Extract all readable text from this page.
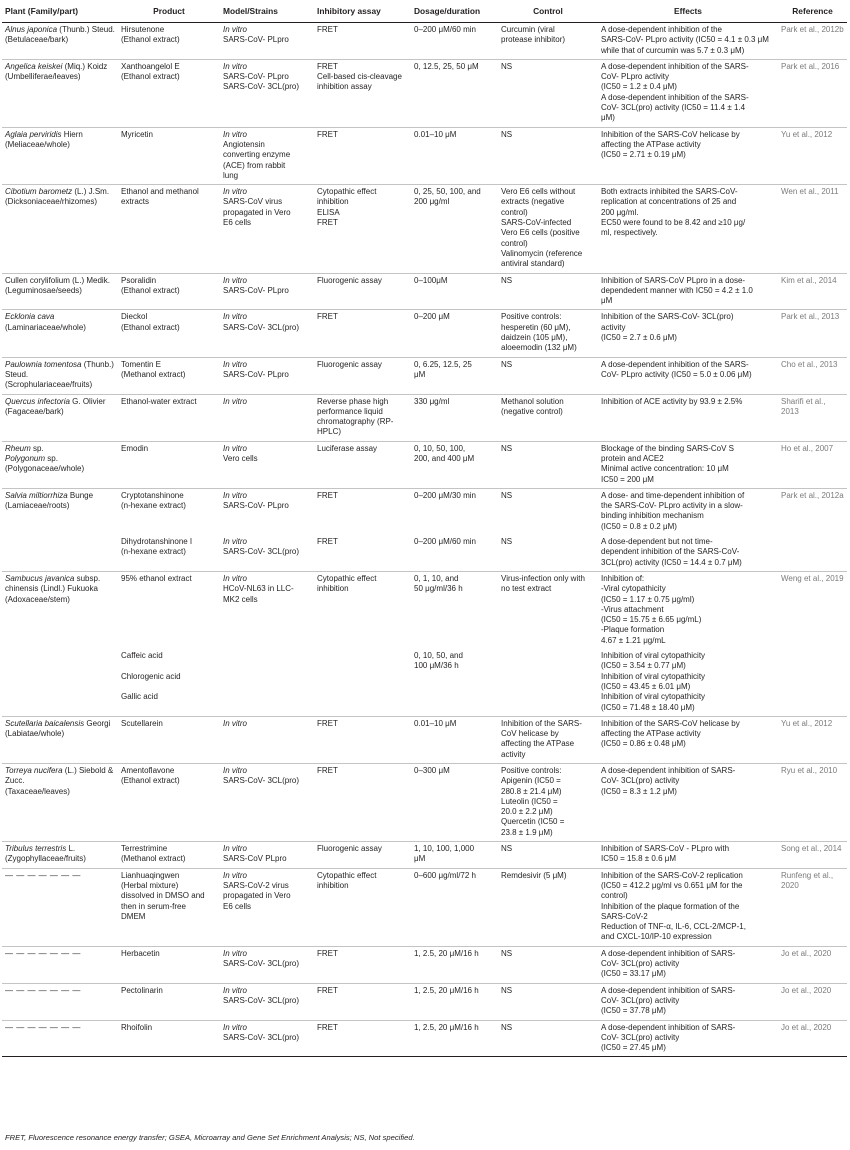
Plant (Family/part)	Product	Model/Strains	Inhibitory assay	Dosage/duration	Control	Effects	Reference

Alnus japonica (Thunb.) Steud.
(Betulaceae/bark)

Hirsutenone
(Ethanol extract)

In vitro
SARS-CoV- PLpro

FRET	0–200 μM/60 min	Curcumin (viral
protease inhibitor)

A dose-dependent inhibition of the
SARS-CoV- PLpro activity (IC50 = 4.1 ± 0.3 μM
while that of curcumin was 5.7 ± 0.3 μM)
	Park et al., 2012b

Angelica keiskei (Miq.) Koidz
(Umbelliferae/leaves)

Xanthoangelol E
(Ethanol extract)

In vitro
SARS-CoV- PLpro
SARS-CoV- 3CL(pro)

FRET
Cell-based cis-cleavage
inhibition assay

0, 12.5, 25, 50 μM	NS	A dose-dependent inhibition of the SARS-
CoV- PLpro activity
(IC50 = 1.2 ± 0.4 μM)
A dose-dependent inhibition of the SARS-
CoV- 3CL(pro) activity (IC50 = 11.4 ± 1.4
μM)
	Park et al., 2016

Aglaia perviridis Hiern
(Meliaceae/whole)

Myricetin	In vitro
Angiotensin
converting enzyme
(ACE) from rabbit
lung

FRET	0.01–10 μM	NS	Inhibition of the SARS-CoV helicase by
affecting the ATPase activity
(IC50 = 2.71 ± 0.19 μM)
	Yu et al., 2012

Cibotium barometz (L.) J.Sm.
(Dicksoniaceae/rhizomes)

Ethanol and methanol
extracts

In vitro
SARS-CoV virus
propagated in Vero
E6 cells

Cytopathic effect
inhibition
ELISA
FRET

0, 25, 50, 100, and
200 μg/ml

Vero E6 cells without
extracts (negative
control)
SARS-CoV-infected
Vero E6 cells (positive
control)
Valinomycin (reference
antiviral standard)

Both extracts inhibited the SARS-CoV-
replication at concentrations of 25 and
200 μg/ml.
EC50 were found to be 8.42 and ≥10 μg/
ml, respectively.
	Wen et al., 2011

Cullen corylifolium (L.) Medik.
(Leguminosae/seeds)

Psoralidin
(Ethanol extract)

In vitro
SARS-CoV- PLpro

Fluorogenic assay	0–100μM	NS	Inhibition of SARS-CoV PLpro in a dose-
dependedent manner with IC50 = 4.2 ± 1.0
μM
	Kim et al., 2014

Ecklonia cava
(Laminariaceae/whole)

Dieckol
(Ethanol extract)

In vitro
SARS-CoV- 3CL(pro)

FRET	0–200 μM	Positive controls:
hesperetin (60 μM),
daidzein (105 μM),
aloeemodin (132 μM)

Inhibition of the SARS-CoV- 3CL(pro)
activity
(IC50 = 2.7 ± 0.6 μM)
	Park et al., 2013

Paulownia tomentosa (Thunb.) Steud.
(Scrophulariaceae/fruits)

Tomentin E
(Methanol extract)

In vitro
SARS-CoV- PLpro

Fluorogenic assay	0, 6.25, 12.5, 25
μM

NS	A dose-dependent inhibition of the SARS-
CoV- PLpro activity (IC50 = 5.0 ± 0.06 μM)
	Cho et al., 2013

Quercus infectoria G. Olivier
(Fagaceae/bark)

Ethanol-water extract	In vitro	Reverse phase high
performance liquid
chromatography (RP-
HPLC)

330 μg/ml	Methanol solution
(negative control)

Inhibition of ACE activity by 93.9 ± 2.5%	Sharifi et al., 2013

Rheum sp.
Polygonum sp.
(Polygonaceae/whole)

Emodin	In vitro
Vero cells

Luciferase assay	0, 10, 50, 100,
200, and 400 μM

NS	Blockage of the binding SARS-CoV S
protein and ACE2
Minimal active concentration: 10 μM
IC50 = 200 μM
	Ho et al., 2007

Salvia miltiorrhiza Bunge
(Lamiaceae/roots)

Cryptotanshinone
(n-hexane extract)

In vitro
SARS-CoV- PLpro

FRET	0–200 μM/30 min	NS	A dose- and time-dependent inhibition of
the SARS-CoV- PLpro activity in a slow-
binding inhibition mechanism
(IC50 = 0.8 ± 0.2 μM)
	Park et al., 2012a

Dihydrotanshinone I
(n-hexane extract)

In vitro
SARS-CoV- 3CL(pro)

FRET	0–200 μM/60 min	NS	A dose-dependent but not time-
dependent inhibition of the SARS-CoV-
3CL(pro) activity (IC50 = 14.4 ± 0.7 μM)

Sambucus javanica subsp. chinensis (Lindl.) Fukuoka
(Adoxaceae/stem)

95% ethanol extract	In vitro
HCoV-NL63 in LLC-
MK2 cells

Cytopathic effect
inhibition

0, 1, 10, and
50 μg/ml/36 h

Virus-infection only with
no test extract

Inhibition of:
-Viral cytopathicity
(IC50 = 1.17 ± 0.75 μg/ml)
-Virus attachment
(IC50 = 15.75 ± 6.65 μg/mL)
-Plaque formation
4.67 ± 1.21 μg/mL
	Weng et al., 2019

Caffeic acid

Chlorogenic acid

Gallic acid

0, 10, 50, and
100 μM/36 h

Inhibition of viral cytopathicity
(IC50 = 3.54 ± 0.77 μM)
Inhibition of viral cytopathicity
(IC50 = 43.45 ± 6.01 μM)
Inhibition of viral cytopathicity
(IC50 = 71.48 ± 18.40 μM)

Scutellaria baicalensis Georgi
(Labiatae/whole)

Scutellarein	In vitro	FRET	0.01–10 μM	Inhibition of the SARS-
CoV helicase by
affecting the ATPase
activity

Inhibition of the SARS-CoV helicase by
affecting the ATPase activity
(IC50 = 0.86 ± 0.48 μM)
	Yu et al., 2012

Torreya nucifera (L.) Siebold & Zucc.
(Taxaceae/leaves)

Amentoflavone
(Ethanol extract)

In vitro
SARS-CoV- 3CL(pro)

FRET	0–300 μM	Positive controls:
Apigenin (IC50 =
280.8 ± 21.4 μM)
Luteolin (IC50 =
20.0 ± 2.2 μM)
Quercetin (IC50 =
23.8 ± 1.9 μM)

A dose-dependent inhibition of SARS-
CoV- 3CL(pro) activity
(IC50 = 8.3 ± 1.2 μM)
	Ryu et al., 2010

Tribulus terrestris L.
(Zygophyllaceae/fruits)

Terrestrimine
(Methanol extract)

In vitro
SARS-CoV PLpro

Fluorogenic assay	1, 10, 100, 1,000
μM

NS	Inhibition of SARS-CoV - PLpro with
IC50 = 15.8 ± 0.6 μM
	Song et al., 2014

— — — — — — —	Lianhuaqingwen
(Herbal mixture)
dissolved in DMSO and
then in serum-free
DMEM

In vitro
SARS-CoV-2 virus
propagated in Vero
E6 cells

Cytopathic effect
inhibition

0–600 μg/ml/72 h	Remdesivir (5 μM)	Inhibition of the SARS-CoV-2 replication
(IC50 = 412.2 μg/ml vs 0.651 μM for the
control)
Inhibition of the plaque formation of the
SARS-CoV-2
Reduction of TNF-α, IL-6, CCL-2/MCP-1,
and CXCL-10/IP-10 expression
	Runfeng et al., 2020

— — — — — — —	Herbacetin	In vitro
SARS-CoV- 3CL(pro)

FRET	1, 2.5, 20 μM/16 h	NS	A dose-dependent inhibition of SARS-
CoV- 3CL(pro) activity
(IC50 = 33.17 μM)
	Jo et al., 2020

— — — — — — —	Pectolinarin	In vitro
SARS-CoV- 3CL(pro)

FRET	1, 2.5, 20 μM/16 h	NS	A dose-dependent inhibition of SARS-
CoV- 3CL(pro) activity
(IC50 = 37.78 μM)
	Jo et al., 2020

— — — — — — —	Rhoifolin	In vitro
SARS-CoV- 3CL(pro)

FRET	1, 2.5, 20 μM/16 h	NS	A dose-dependent inhibition of SARS-
CoV- 3CL(pro) activity
(IC50 = 27.45 μM)
	Jo et al., 2020
FRET, Fluorescence resonance energy transfer; GSEA, Microarray and Gene Set Enrichment Analysis; NS, Not specified.
